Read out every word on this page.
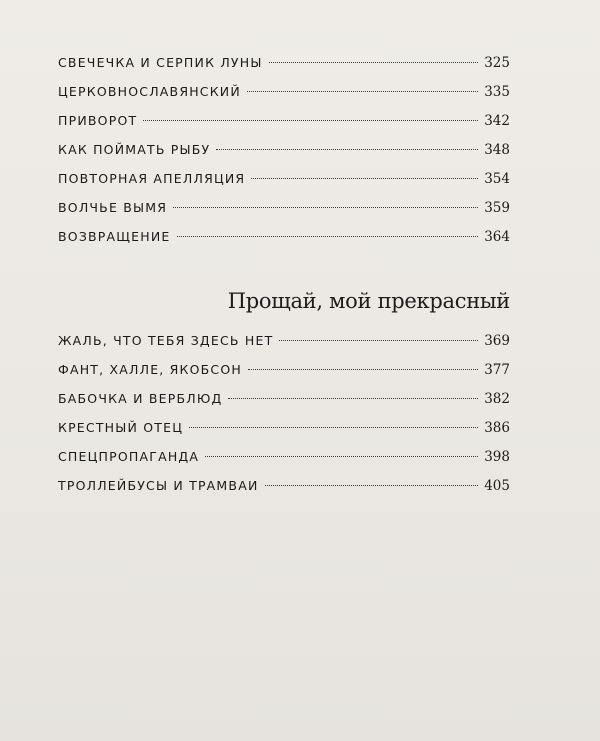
СВЕЧЕЧКА И СЕРПИК ЛУНЫ	325
ЦЕРКОВНОСЛАВЯНСКИЙ	335
ПРИВОРОТ	342
КАК ПОЙМАТЬ РЫБУ	348
ПОВТОРНАЯ АПЕЛЛЯЦИЯ	354
ВОЛЧЬЕ ВЫМЯ	359
ВОЗВРАЩЕНИЕ	364
Прощай, мой прекрасный
ЖАЛЬ, ЧТО ТЕБЯ ЗДЕСЬ НЕТ	369
ФАНТ, ХАЛЛЕ, ЯКОБСОН	377
БАБОЧКА И ВЕРБЛЮД	382
КРЕСТНЫЙ ОТЕЦ	386
СПЕЦПРОПАГАНДА	398
ТРОЛЛЕЙБУСЫ И ТРАМВАИ	405
